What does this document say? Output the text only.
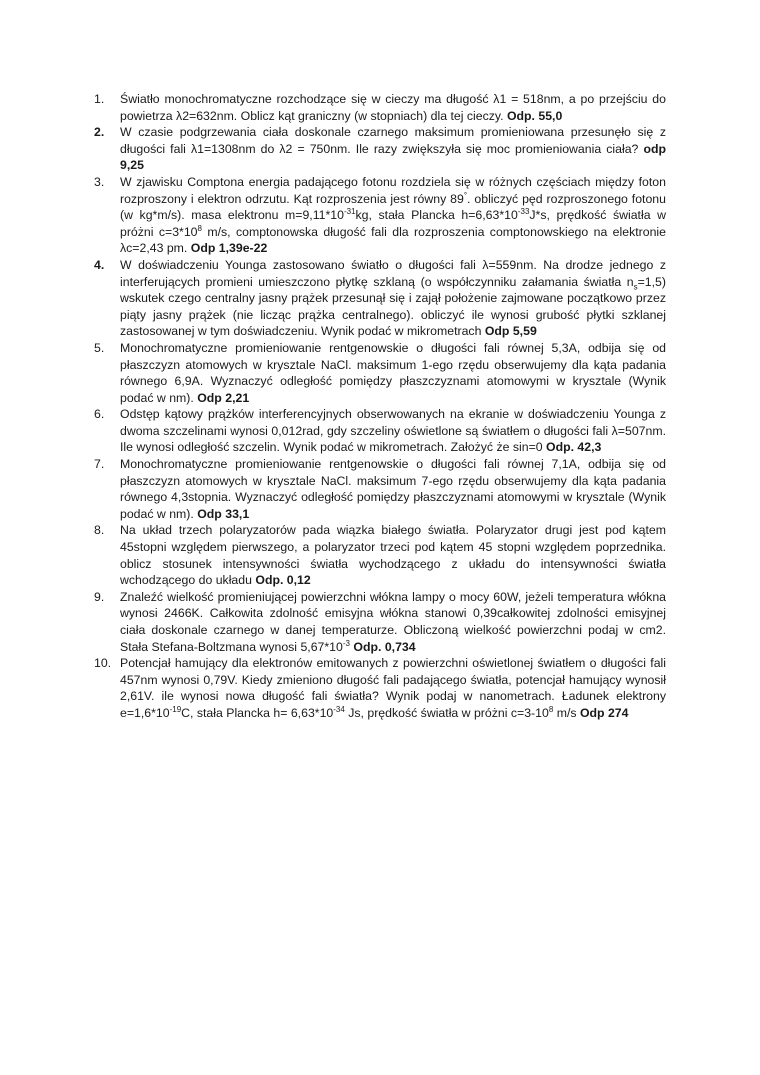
1.	Światło monochromatyczne rozchodzące się w cieczy ma długość λ1 = 518nm, a po przejściu do powietrza λ2=632nm. Oblicz kąt graniczny (w stopniach) dla tej cieczy. Odp. 55,0
2.	W czasie podgrzewania ciała doskonale czarnego maksimum promieniowana przesunęło się z długości fali λ1=1308nm do λ2 = 750nm. Ile razy zwiększyła się moc promieniowania ciała? odp 9,25
3.	W zjawisku Comptona energia padającego fotonu rozdziela się w różnych częściach między foton rozproszony i elektron odrzutu. Kąt rozproszenia jest równy 89°. obliczyć pęd rozproszonego fotonu (w kg*m/s). masa elektronu $m=9,11*10^{-31}kg$, stała Plancka $h=6,63*10^{-33}J*s$, prędkość światła w próżni $c=3*10^8$ m/s, comptonowska długość fali dla rozproszenia comptonowskiego na elektronie λc=2,43 pm. Odp 1,39e-22
4.	W doświadczeniu Younga zastosowano światło o długości fali λ=559nm. Na drodze jednego z interferujących promieni umieszczono płytkę szklaną (o współczynniku załamania światła $n_s=1,5$) wskutek czego centralny jasny prążek przesunął się i zajął położenie zajmowane początkowo przez piąty jasny prążek (nie licząc prążka centralnego). obliczyć ile wynosi grubość płytki szklanej zastosowanej w tym doświadczeniu. Wynik podać w mikrometrach Odp 5,59
5.	Monochromatyczne promieniowanie rentgenowskie o długości fali równej 5,3A, odbija się od płaszczyzn atomowych w krysztale NaCl. maksimum 1-ego rzędu obserwujemy dla kąta padania równego 6,9A. Wyznaczyć odległość pomiędzy płaszczyznami atomowymi w krysztale (Wynik podać w nm). Odp 2,21
6.	Odstęp kątowy prążków interferencyjnych obserwowanych na ekranie w doświadczeniu Younga z dwoma szczelinami wynosi 0,012rad, gdy szczeliny oświetlone są światłem o długości fali λ=507nm. Ile wynosi odległość szczelin. Wynik podać w mikrometrach. Założyć że sin=0 Odp. 42,3
7.	Monochromatyczne promieniowanie rentgenowskie o długości fali równej 7,1A, odbija się od płaszczyzn atomowych w krysztale NaCl. maksimum 7-ego rzędu obserwujemy dla kąta padania równego 4,3stopnia. Wyznaczyć odległość pomiędzy płaszczyznami atomowymi w krysztale (Wynik podać w nm). Odp 33,1
8.	Na układ trzech polaryzatorów pada wiązka białego światła. Polaryzator drugi jest pod kątem 45stopni względem pierwszego, a polaryzator trzeci pod kątem 45 stopni względem poprzednika. oblicz stosunek intensywności światła wychodzącego z układu do intensywności światła wchodzącego do układu Odp. 0,12
9.	Znaleźć wielkość promieniującej powierzchni włókna lampy o mocy 60W, jeżeli temperatura włókna wynosi 2466K. Całkowita zdolność emisyjna włókna stanowi 0,39całkowitej zdolności emisyjnej ciała doskonale czarnego w danej temperaturze. Obliczoną wielkość powierzchni podaj w cm2. Stała Stefana-Boltzmana wynosi $5,67*10^{-3}$ Odp. 0,734
10. Potencjał hamujący dla elektronów emitowanych z powierzchni oświetlonej światłem o długości fali 457nm wynosi 0,79V. Kiedy zmieniono długość fali padającego światła, potencjał hamujący wynosił 2,61V. ile wynosi nowa długość fali światła? Wynik podaj w nanometrach. Ładunek elektrony $e=1,6*10^{-19}C$, stała Plancka $h= 6,63*10^{-34}$ Js, prędkość światła w próżni $c=3-10^8$ m/s Odp 274
